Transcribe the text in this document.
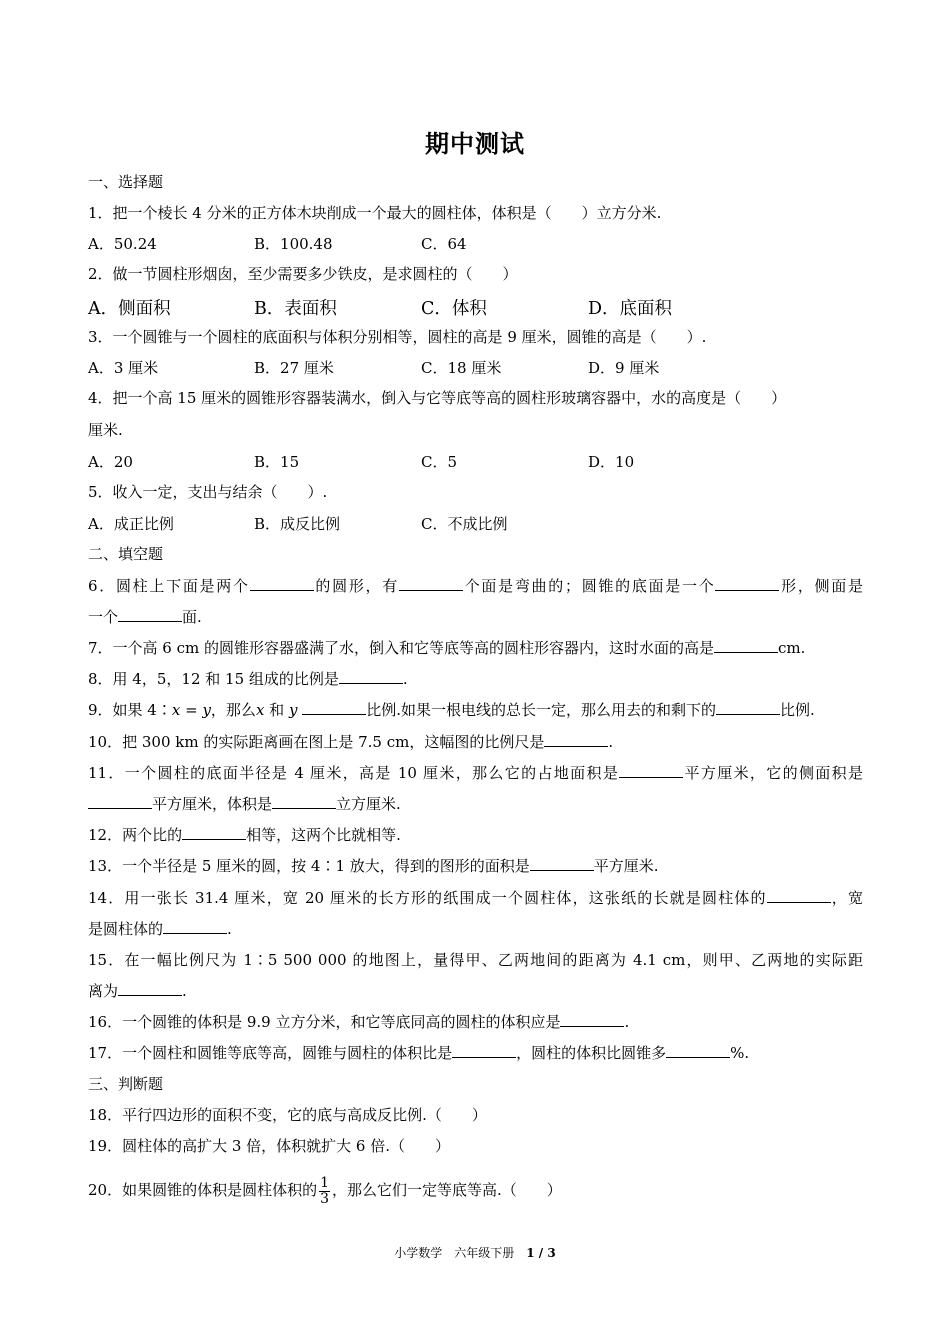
期中测试
一、选择题
1．把一个棱长 4 分米的正方体木块削成一个最大的圆柱体，体积是（　　）立方分米.
A．50.24	B．100.48	C．64
2．做一节圆柱形烟囱，至少需要多少铁皮，是求圆柱的（　　）
A．侧面积	B．表面积	C．体积	D．底面积
3．一个圆锥与一个圆柱的底面积与体积分别相等，圆柱的高是 9 厘米，圆锥的高是（　　）.
A．3 厘米	B．27 厘米	C．18 厘米	D．9 厘米
4．把一个高 15 厘米的圆锥形容器装满水，倒入与它等底等高的圆柱形玻璃容器中，水的高度是（　　）
厘米.
A．20	B．15	C．5	D．10
5．收入一定，支出与结余（　　）.
A．成正比例	B．成反比例	C．不成比例
二、填空题
6．圆柱上下面是两个	的圆形，有	个面是弯曲的；圆锥的底面是一个	形，侧面是
一个	面.
7．一个高 6 cm 的圆锥形容器盛满了水，倒入和它等底等高的圆柱形容器内，这时水面的高是	cm.
8．用 4，5，12 和 15 组成的比例是	.
9．如果 4∶x = y，那么x 和 y	比例.如果一根电线的总长一定，那么用去的和剩下的	比例.
10．把 300 km 的实际距离画在图上是 7.5 cm，这幅图的比例尺是	.
11．一个圆柱的底面半径是 4 厘米，高是 10 厘米，那么它的占地面积是	平方厘米，它的侧面积是
平方厘米，体积是	立方厘米.
12．两个比的	相等，这两个比就相等.
13．一个半径是 5 厘米的圆，按 4∶1 放大，得到的图形的面积是	平方厘米.
14．用一张长 31.4 厘米，宽 20 厘米的长方形的纸围成一个圆柱体，这张纸的长就是圆柱体的	，宽
是圆柱体的	.
15．在一幅比例尺为 1∶5 500 000 的地图上，量得甲、乙两地间的距离为 4.1 cm，则甲、乙两地的实际距
离为	.
16．一个圆锥的体积是 9.9 立方分米，和它等底同高的圆柱的体积应是	.
17．一个圆柱和圆锥等底等高，圆锥与圆柱的体积比是	，圆柱的体积比圆锥多	%.
三、判断题
18．平行四边形的面积不变，它的底与高成反比例.（　　）
19．圆柱体的高扩大 3 倍，体积就扩大 6 倍.（　　）
20．如果圆锥的体积是圆柱体积的 $\frac{1}{3}$ ，那么它们一定等底等高.（　　）
小学数学　六年级下册　1 / 3
